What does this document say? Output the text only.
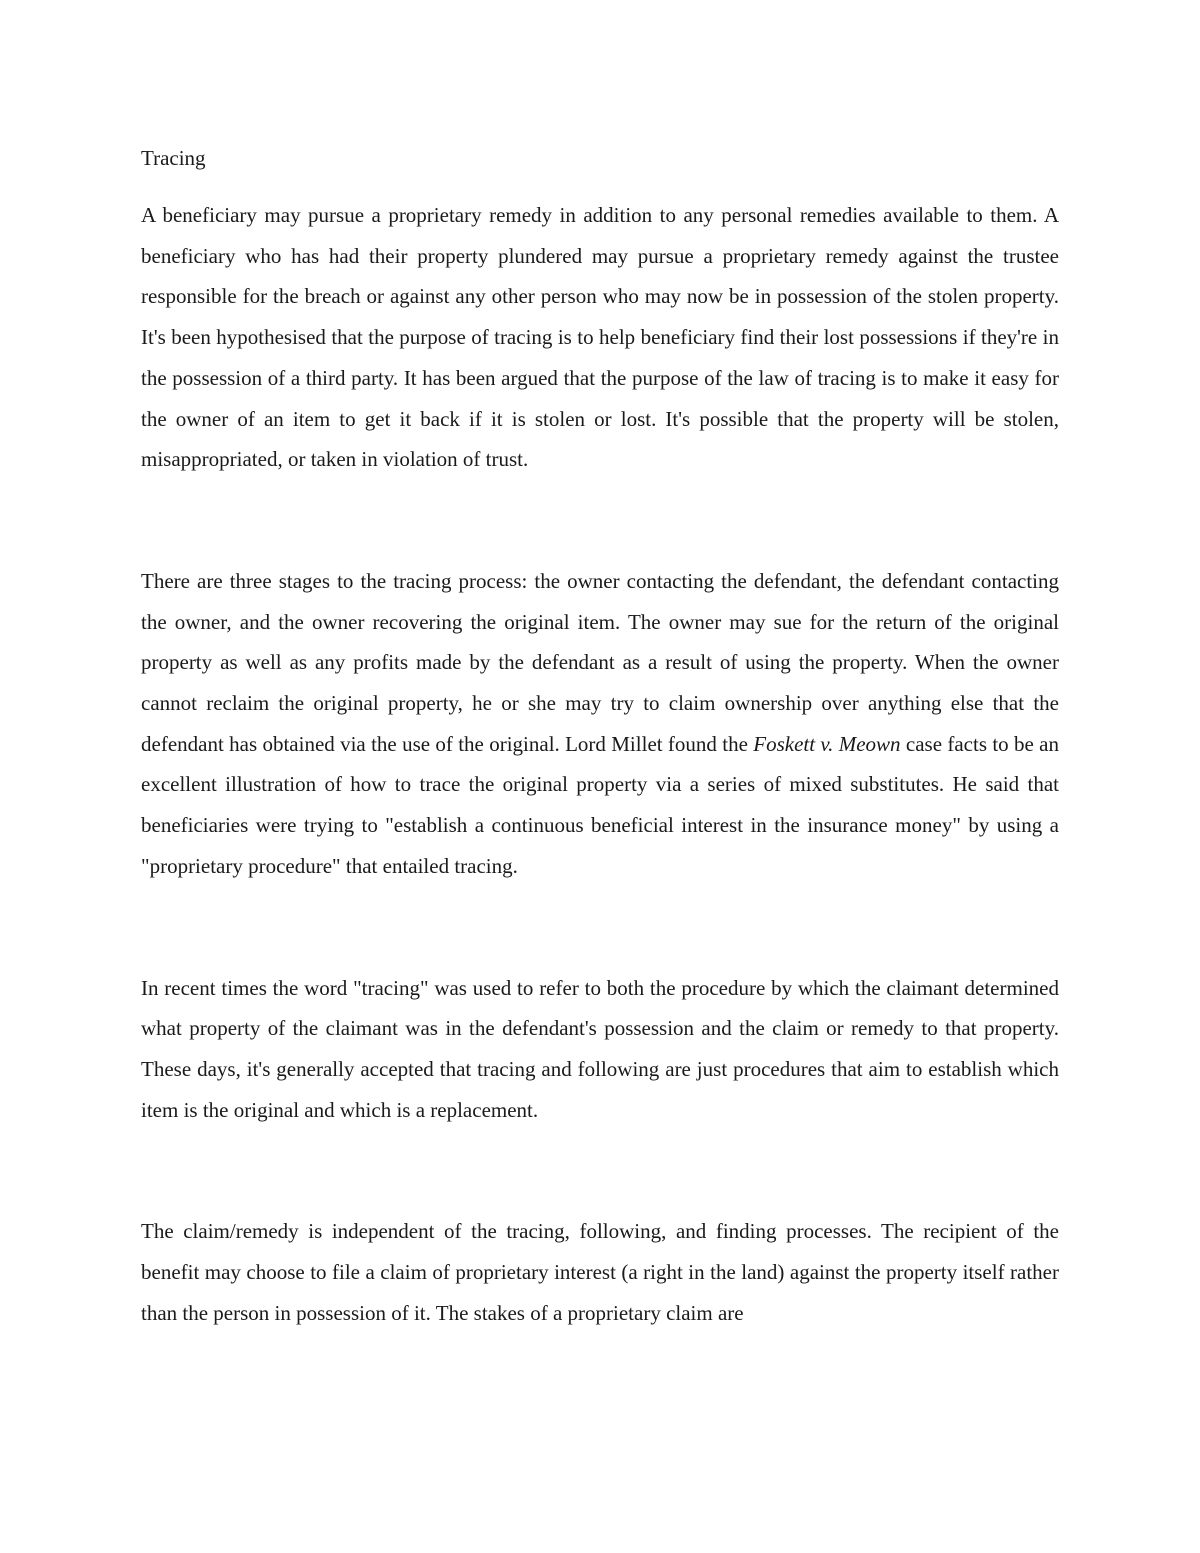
Tracing

A beneficiary may pursue a proprietary remedy in addition to any personal remedies available to them. A beneficiary who has had their property plundered may pursue a proprietary remedy against the trustee responsible for the breach or against any other person who may now be in possession of the stolen property. It's been hypothesised that the purpose of tracing is to help beneficiary find their lost possessions if they're in the possession of a third party. It has been argued that the purpose of the law of tracing is to make it easy for the owner of an item to get it back if it is stolen or lost. It's possible that the property will be stolen, misappropriated, or taken in violation of trust.

There are three stages to the tracing process: the owner contacting the defendant, the defendant contacting the owner, and the owner recovering the original item. The owner may sue for the return of the original property as well as any profits made by the defendant as a result of using the property. When the owner cannot reclaim the original property, he or she may try to claim ownership over anything else that the defendant has obtained via the use of the original. Lord Millet found the Foskett v. Meown case facts to be an excellent illustration of how to trace the original property via a series of mixed substitutes. He said that beneficiaries were trying to "establish a continuous beneficial interest in the insurance money" by using a "proprietary procedure" that entailed tracing.

In recent times the word "tracing" was used to refer to both the procedure by which the claimant determined what property of the claimant was in the defendant's possession and the claim or remedy to that property. These days, it's generally accepted that tracing and following are just procedures that aim to establish which item is the original and which is a replacement.

The claim/remedy is independent of the tracing, following, and finding processes. The recipient of the benefit may choose to file a claim of proprietary interest (a right in the land) against the property itself rather than the person in possession of it. The stakes of a proprietary claim are
